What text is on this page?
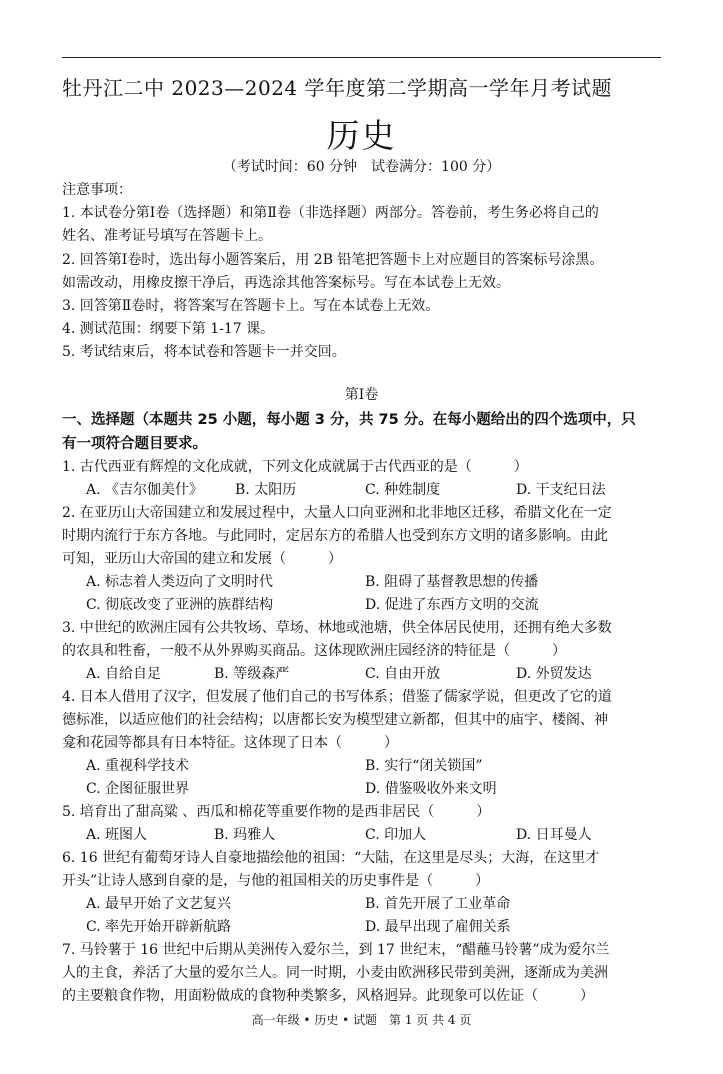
牡丹江二中 2023—2024 学年度第二学期高一学年月考试题
历史
（考试时间：60 分钟　试卷满分：100 分）
注意事项：
1. 本试卷分第Ⅰ卷（选择题）和第Ⅱ卷（非选择题）两部分。答卷前，考生务必将自己的
姓名、准考证号填写在答题卡上。
2. 回答第Ⅰ卷时，选出每小题答案后，用 2B 铅笔把答题卡上对应题目的答案标号涂黑。
如需改动，用橡皮擦干净后，再选涂其他答案标号。写在本试卷上无效。
3. 回答第Ⅱ卷时，将答案写在答题卡上。写在本试卷上无效。
4. 测试范围：纲要下第 1-17 课。
5. 考试结束后，将本试卷和答题卡一并交回。
第Ⅰ卷
一、选择题（本题共 25 小题，每小题 3 分，共 75 分。在每小题给出的四个选项中，只
有一项符合题目要求。
1. 古代西亚有辉煌的文化成就，下列文化成就属于古代西亚的是（　　　）
A. 《吉尔伽美什》 B. 太阳历	C. 种姓制度	D. 干支纪日法
2. 在亚历山大帝国建立和发展过程中，大量人口向亚洲和北非地区迁移，希腊文化在一定
时期内流行于东方各地。与此同时，定居东方的希腊人也受到东方文明的诸多影响。由此
可知，亚历山大帝国的建立和发展（　　　）
A. 标志着人类迈向了文明时代	B. 阻碍了基督教思想的传播
C. 彻底改变了亚洲的族群结构	D. 促进了东西方文明的交流
3. 中世纪的欧洲庄园有公共牧场、草场、林地或池塘，供全体居民使用，还拥有绝大多数
的农具和牲畜，一般不从外界购买商品。这体现欧洲庄园经济的特征是（　　　）
A. 自给自足	B. 等级森严	C. 自由开放	D. 外贸发达
4. 日本人借用了汉字，但发展了他们自己的书写体系；借鉴了儒家学说，但更改了它的道
德标准，以适应他们的社会结构；以唐都长安为模型建立新都，但其中的庙宇、楼阁、神
龛和花园等都具有日本特征。这体现了日本（　　　）
A. 重视科学技术	B. 实行“闭关锁国”
C. 企图征服世界	D. 借鉴吸收外来文明
5. 培育出了甜高粱 、西瓜和棉花等重要作物的是西非居民（　　　）
A. 班图人	B. 玛雅人	C. 印加人	D. 日耳曼人
6. 16 世纪有葡萄牙诗人自豪地描绘他的祖国：“大陆，在这里是尽头；大海，在这里才
开头”让诗人感到自豪的是，与他的祖国相关的历史事件是（　　　）
A. 最早开始了文艺复兴	B. 首先开展了工业革命
C. 率先开始开辟新航路	D. 最早出现了雇佣关系
7. 马铃薯于 16 世纪中后期从美洲传入爱尔兰，到 17 世纪末，“醋蘸马铃薯”成为爱尔兰
人的主食，养活了大量的爱尔兰人。同一时期，小麦由欧洲移民带到美洲，逐渐成为美洲
的主要粮食作物，用面粉做成的食物种类繁多，风格迥异。此现象可以佐证（　　　）
高一年级 • 历史 • 试题　第 1 页 共 4 页
